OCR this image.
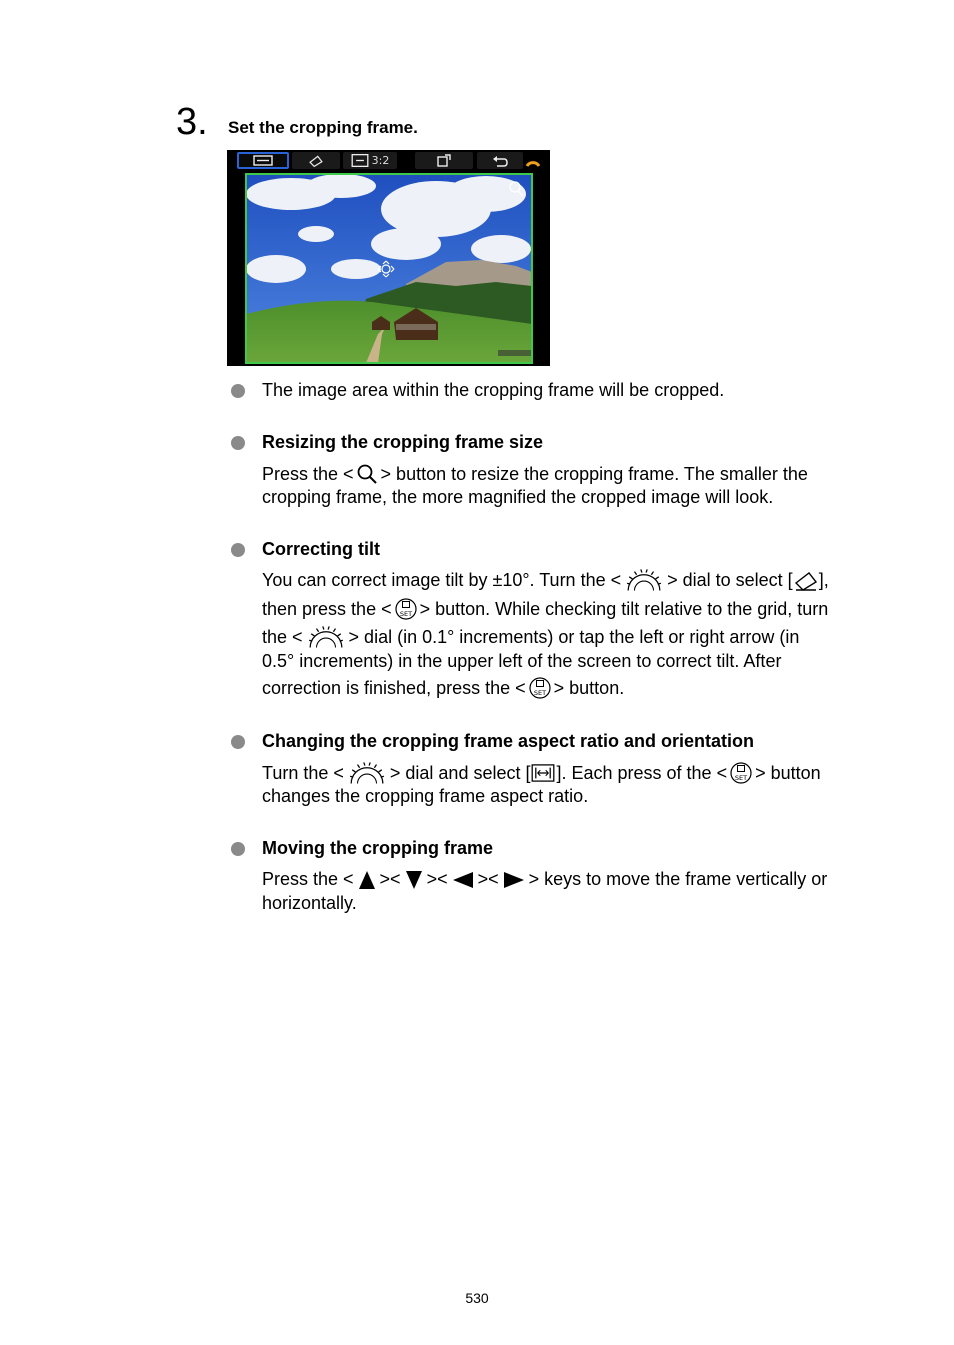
3. Set the cropping frame.
3:2

The image area within the cropping frame will be cropped.

Resizing the cropping frame size

Press the < > button to resize the cropping frame. The smaller the
cropping frame, the more magnified the cropped image will look.

Correcting tilt

You can correct image tilt by ±10°. Turn the <	> dial to select [ ],
then press the < > button. While checking tilt relative to the grid, turn
the <	> dial (in 0.1° increments) or tap the left or right arrow (in
0.5° increments) in the upper left of the screen to correct tilt. After
correction is finished, press the < > button.

Changing the cropping frame aspect ratio and orientation

Turn the <	> dial and select [ ]. Each press of the < > button
changes the cropping frame aspect ratio.

Moving the cropping frame

Press the < >< >< >< > keys to move the frame vertically or
horizontally.
530
